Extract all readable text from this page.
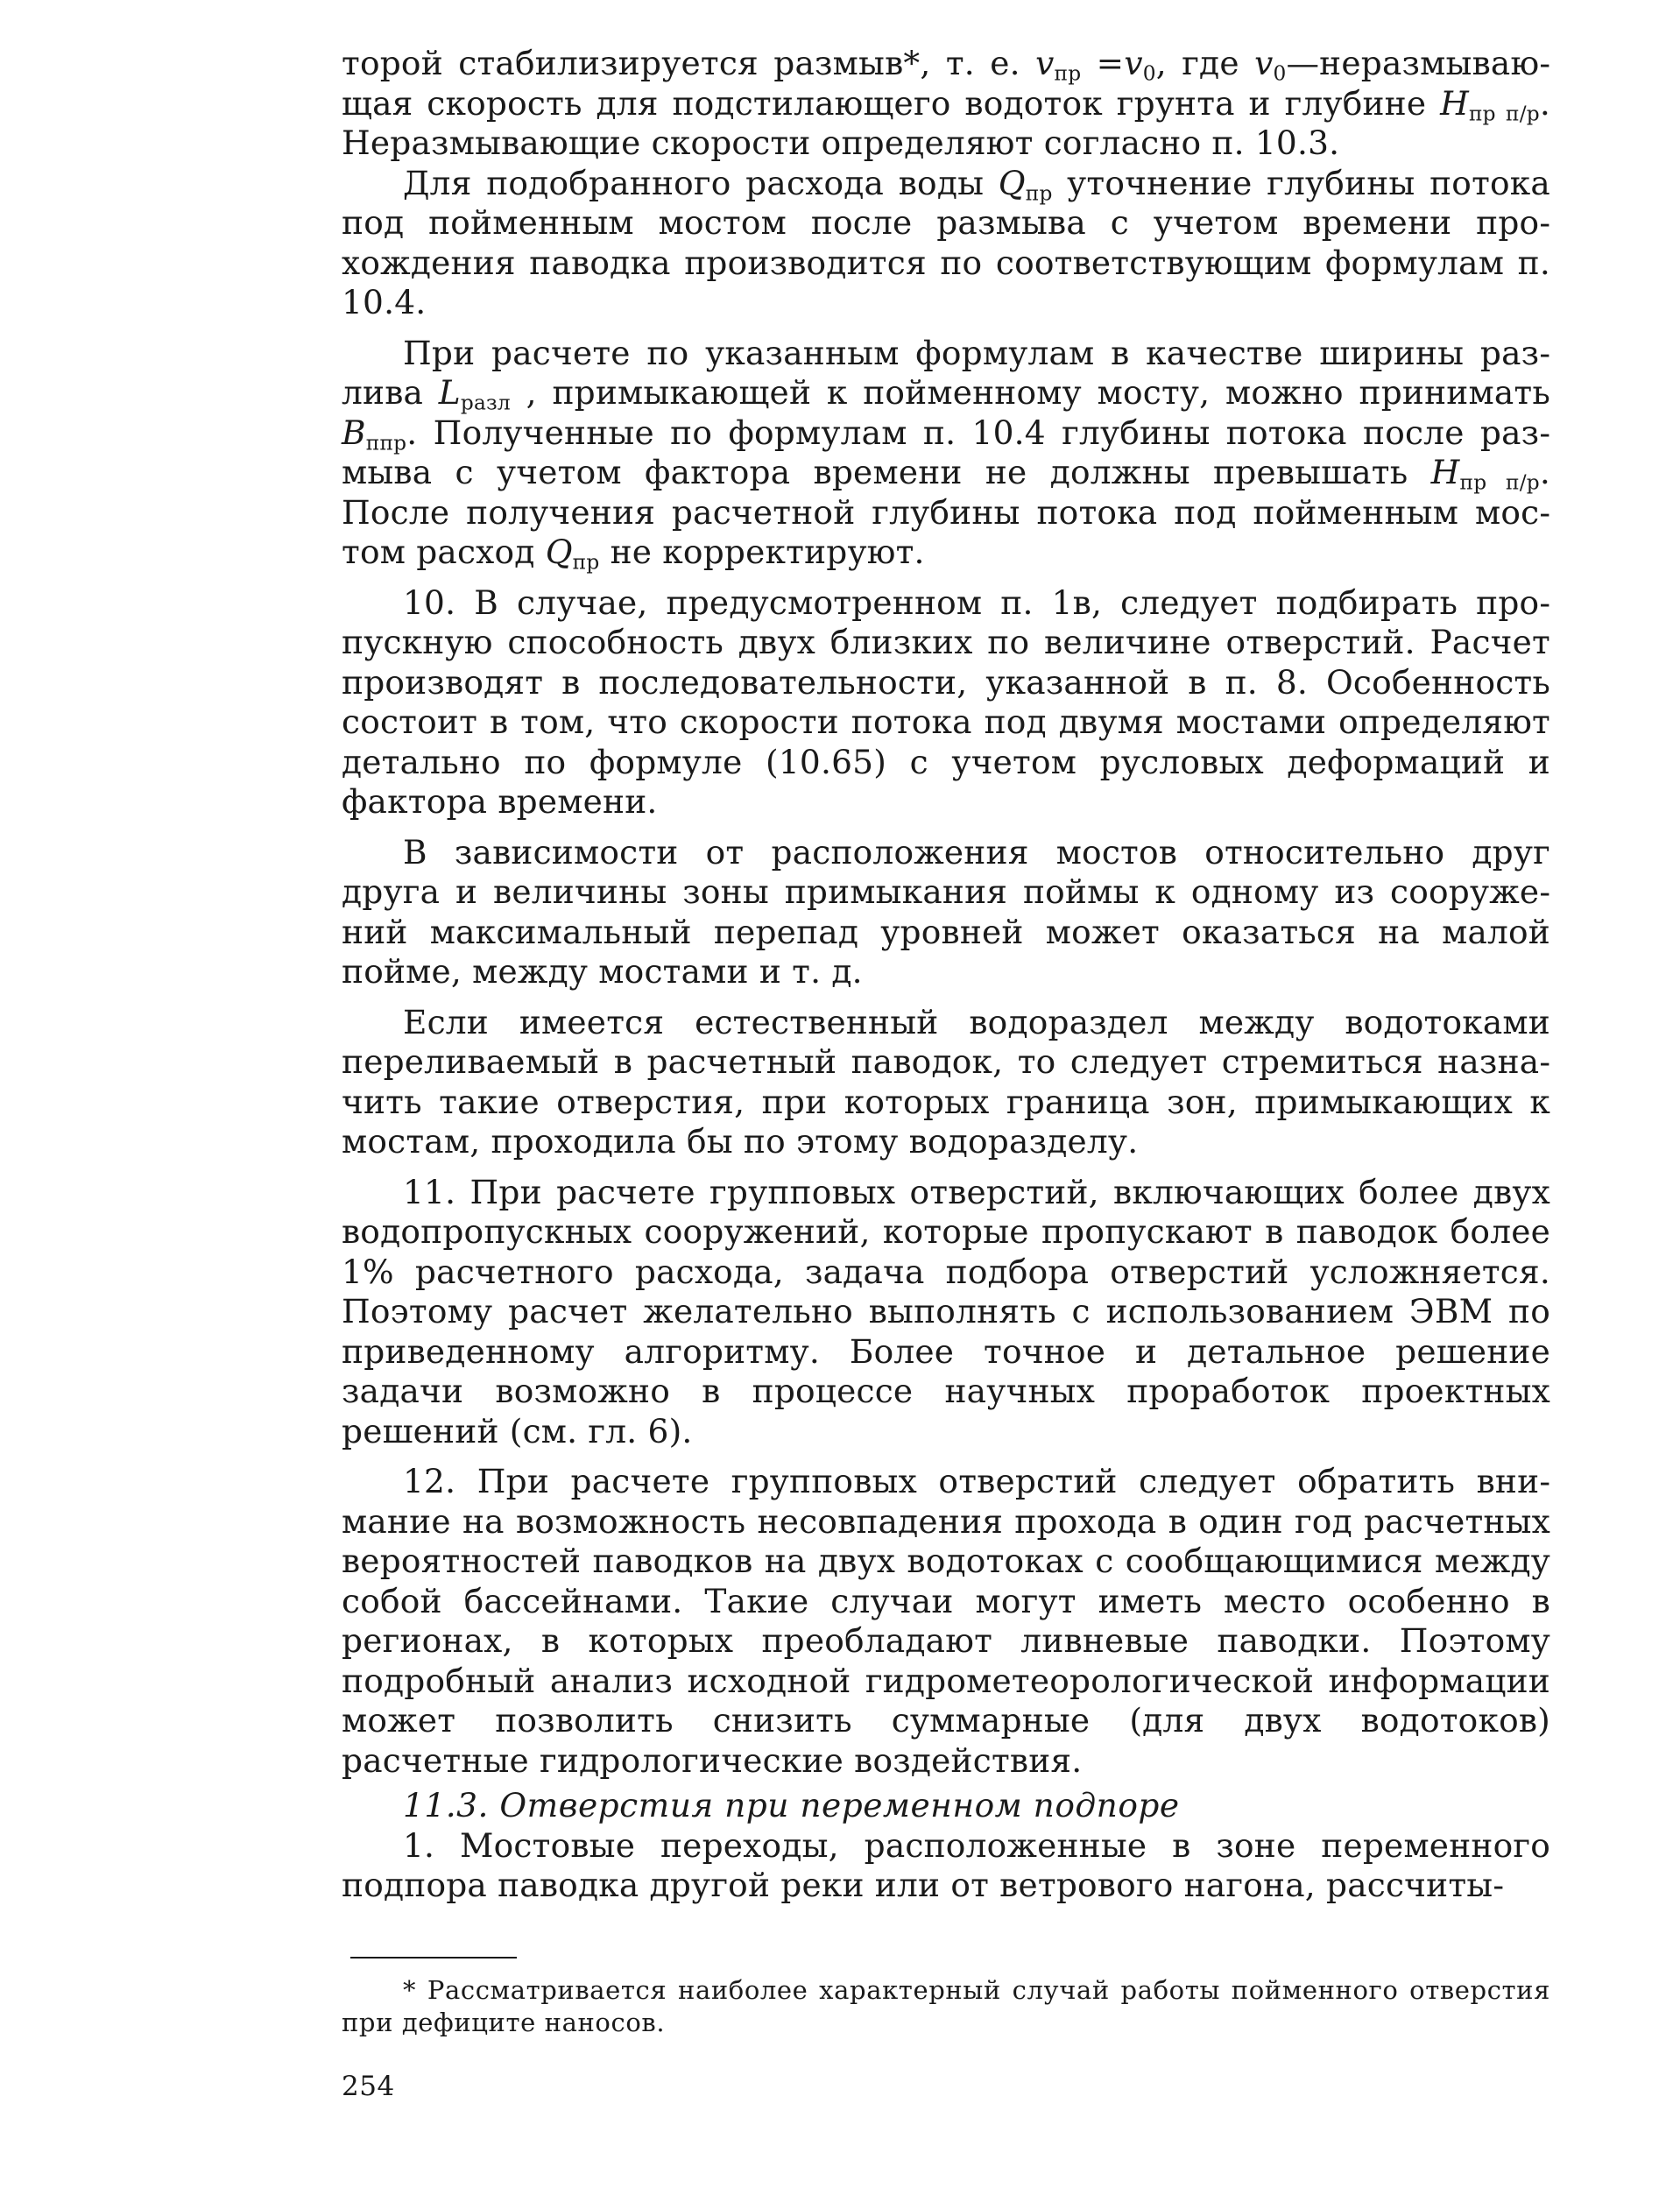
торой стабилизируется размыв*, т. е. $v_{пр} =v_0$, где $v_0—неразмывающая$ скорость для подстилающего водоток грунта и глубине $H_{пр п/р}$. Неразмывающие скорости определяют согласно п. 10.3.

Для подобранного расхода воды $Q_{пр}$ уточнение глубины потока под пойменным мостом после размыва с учетом времени прохождения паводка производится по соответствующим формулам п. 10.4.

При расчете по указанным формулам в качестве ширины разлива $L_{разл}$ , примыкающей к пойменному мосту, можно принимать $B_{ппр}$. Полученные по формулам п. 10.4 глубины потока после размыва с учетом фактора времени не должны превышать $H_{пр п/р}$. После получения расчетной глубины потока под пойменным мостом расход $Q_{пр}$ не корректируют.

10. В случае, предусмотренном п. 1в, следует подбирать пропускную способность двух близких по величине отверстий. Расчет производят в последовательности, указанной в п. 8. Особенность состоит в том, что скорости потока под двумя мостами определяют детально по формуле (10.65) с учетом русловых деформаций и фактора времени.

В зависимости от расположения мостов относительно друг друга и величины зоны примыкания поймы к одному из сооружений максимальный перепад уровней может оказаться на малой пойме, между мостами и т. д.

Если имеется естественный водораздел между водотоками переливаемый в расчетный паводок, то следует стремиться назначить такие отверстия, при которых граница зон, примыкающих к мостам, проходила бы по этому водоразделу.

11. При расчете групповых отверстий, включающих более двух водопропускных сооружений, которые пропускают в паводок более 1% расчетного расхода, задача подбора отверстий усложняется. Поэтому расчет желательно выполнять с использованием ЭВМ по приведенному алгоритму. Более точное и детальное решение задачи возможно в процессе научных проработок проектных решений (см. гл. 6).

12. При расчете групповых отверстий следует обратить внимание на возможность несовпадения прохода в один год расчетных вероятностей паводков на двух водотоках с сообщающимися между собой бассейнами. Такие случаи могут иметь место особенно в регионах, в которых преобладают ливневые паводки. Поэтому подробный анализ исходной гидрометеорологической информации может позволить снизить суммарные (для двух водотоков) расчетные гидрологические воздействия.

11.3. Отверстия при переменном подпоре

1. Мостовые переходы, расположенные в зоне переменного подпора паводка другой реки или от ветрового нагона, рассчиты-

* Рассматривается наиболее характерный случай работы пойменного отверстия при дефиците наносов.

254
